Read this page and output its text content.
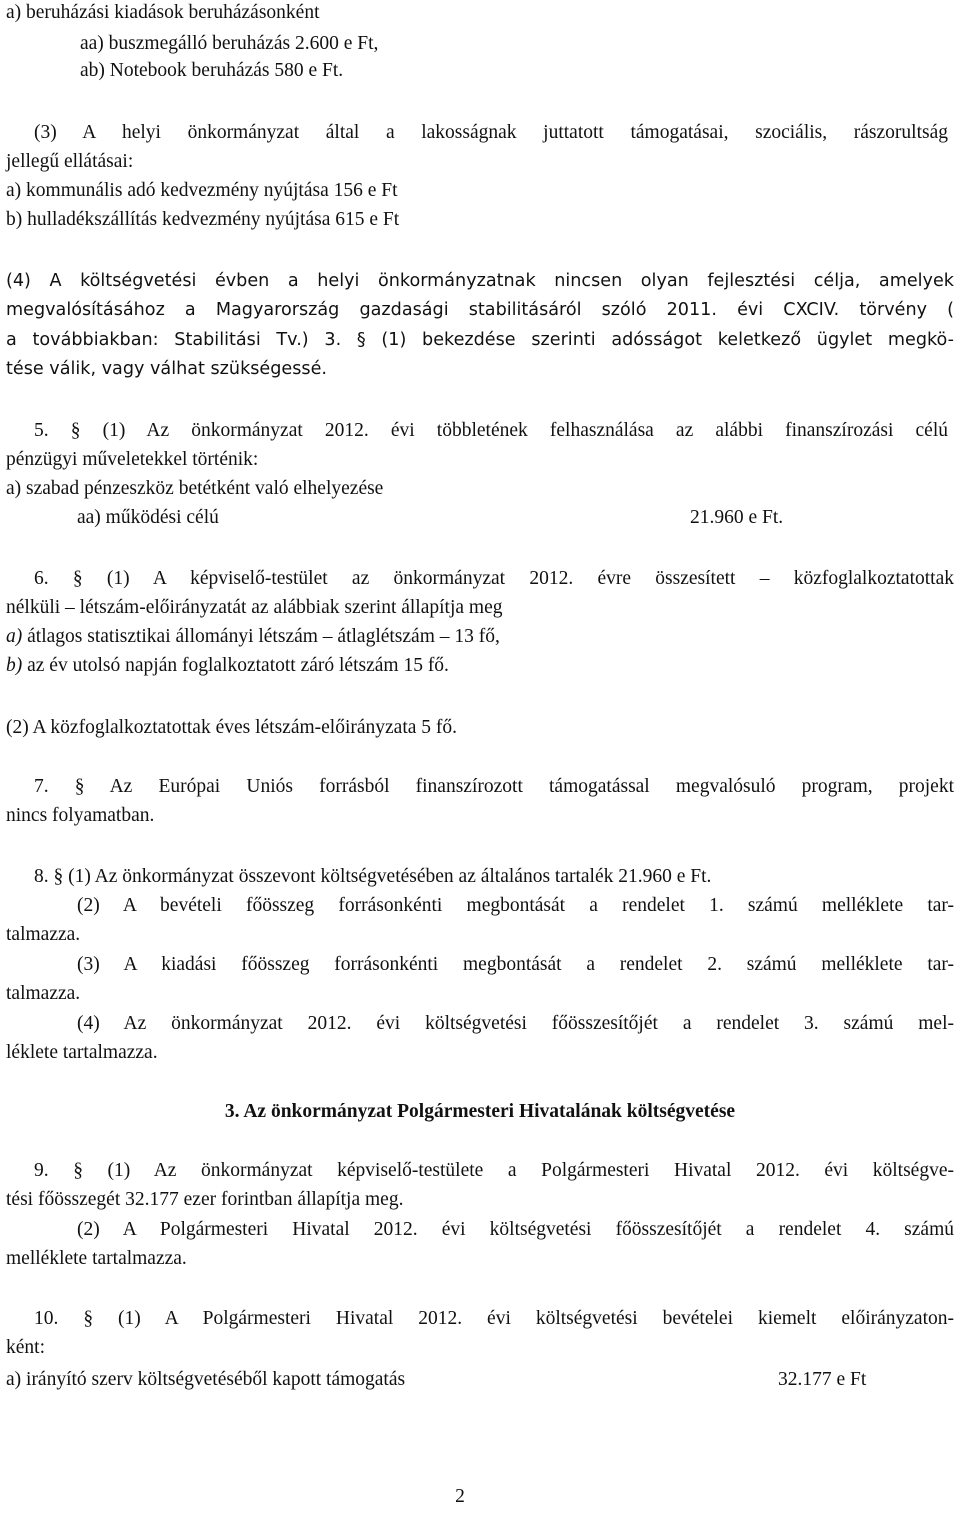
a) beruházási kiadások beruházásonként

aa) buszmegálló beruházás 2.600 e Ft,

ab) Notebook beruházás 580 e Ft.

(3) A helyi önkormányzat által a lakosságnak juttatott támogatásai, szociális, rászorultság

jellegű ellátásai:

a) kommunális adó kedvezmény nyújtása 156 e Ft

b) hulladékszállítás kedvezmény nyújtása 615 e Ft

(4) A költségvetési évben a helyi önkormányzatnak nincsen olyan fejlesztési célja, amelyek

megvalósításához a Magyarország gazdasági stabilitásáról szóló 2011. évi CXCIV. törvény (

a továbbiakban: Stabilitási Tv.) 3. § (1) bekezdése szerinti adósságot keletkező ügylet megkö-

tése válik, vagy válhat szükségessé.

5. § (1) Az önkormányzat 2012. évi többletének felhasználása az alábbi finanszírozási célú

pénzügyi műveletekkel történik:

a) szabad pénzeszköz betétként való elhelyezése

aa) működési célú	21.960 e Ft.

6. § (1) A képviselő-testület az önkormányzat 2012. évre összesített – közfoglalkoztatottak

nélküli – létszám-előirányzatát az alábbiak szerint állapítja meg

a) átlagos statisztikai állományi létszám – átlaglétszám – 13 fő,

b) az év utolsó napján foglalkoztatott záró létszám 15 fő.

(2) A közfoglalkoztatottak éves létszám-előirányzata 5 fő.

7. § Az Európai Uniós forrásból finanszírozott támogatással megvalósuló program, projekt

nincs folyamatban.

8. § (1) Az önkormányzat összevont költségvetésében az általános tartalék 21.960 e Ft.

(2) A bevételi főösszeg forrásonkénti megbontását a rendelet 1. számú melléklete tar-

talmazza.

(3) A kiadási főösszeg forrásonkénti megbontását a rendelet 2. számú melléklete tar-

talmazza.

(4) Az önkormányzat 2012. évi költségvetési főösszesítőjét a rendelet 3. számú mel-

léklete tartalmazza.

3. Az önkormányzat Polgármesteri Hivatalának költségvetése

9. § (1) Az önkormányzat képviselő-testülete a Polgármesteri Hivatal 2012. évi költségve-

tési főösszegét 32.177 ezer forintban állapítja meg.

(2) A Polgármesteri Hivatal 2012. évi költségvetési főösszesítőjét a rendelet 4. számú

melléklete tartalmazza.

10. § (1) A Polgármesteri Hivatal 2012. évi költségvetési bevételei kiemelt előirányzaton-

ként:

a) irányító szerv költségvetéséből kapott támogatás	32.177 e Ft

2
